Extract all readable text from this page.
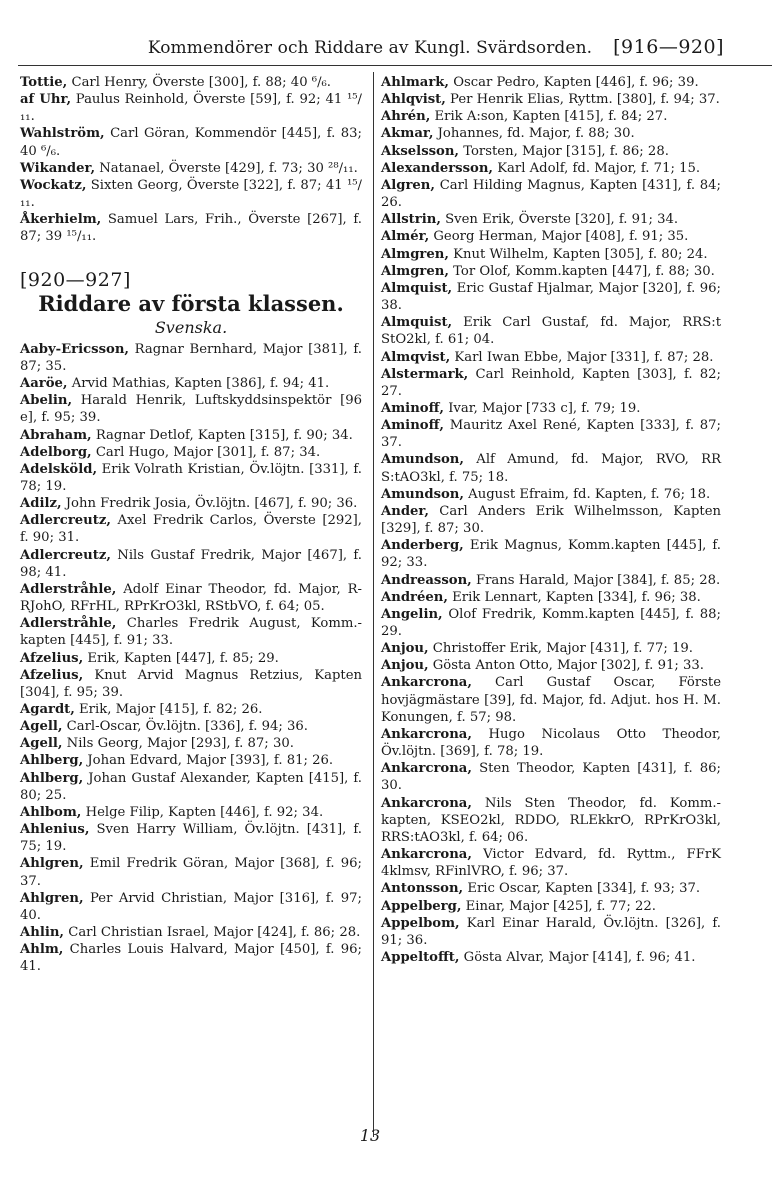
Kommendörer och Riddare av Kungl. Svärdsorden.	[916—920]

Tottie, Carl Henry, Överste [300], f. 88; 40 ⁶/₆.

af Uhr, Paulus Reinhold, Överste [59], f. 92; 41 ¹⁵/₁₁.

Wahlström, Carl Göran, Kommendör [445], f. 83; 40 ⁶/₆.

Wikander, Natanael, Överste [429], f. 73; 30 ²⁸/₁₁.

Wockatz, Sixten Georg, Överste [322], f. 87; 41 ¹⁵/₁₁.

Åkerhielm, Samuel Lars, Frih., Överste [267], f. 87; 39 ¹⁵/₁₁.

[920—927]
Riddare av första klassen.
Svenska.

Aaby-Ericsson, Ragnar Bernhard, Major [381], f. 87; 35.

Aaröe, Arvid Mathias, Kapten [386], f. 94; 41.

Abelin, Harald Henrik, Luftskyddsinspektör [96 e], f. 95; 39.

Abraham, Ragnar Detlof, Kapten [315], f. 90; 34.

Adelborg, Carl Hugo, Major [301], f. 87; 34.

Adelsköld, Erik Volrath Kristian, Öv.löjtn. [331], f. 78; 19.

Adilz, John Fredrik Josia, Öv.löjtn. [467], f. 90; 36.

Adlercreutz, Axel Fredrik Carlos, Överste [292], f. 90; 31.

Adlercreutz, Nils Gustaf Fredrik, Major [467], f. 98; 41.

Adlerstråhle, Adolf Einar Theodor, fd. Major, R-RJohO, RFrHL, RPrKrO3kl, RStbVO, f. 64; 05.

Adlerstråhle, Charles Fredrik August, Komm.-kapten [445], f. 91; 33.

Afzelius, Erik, Kapten [447], f. 85; 29.

Afzelius, Knut Arvid Magnus Retzius, Kapten [304], f. 95; 39.

Agardt, Erik, Major [415], f. 82; 26.

Agell, Carl-Oscar, Öv.löjtn. [336], f. 94; 36.

Agell, Nils Georg, Major [293], f. 87; 30.

Ahlberg, Johan Edvard, Major [393], f. 81; 26.

Ahlberg, Johan Gustaf Alexander, Kapten [415], f. 80; 25.

Ahlbom, Helge Filip, Kapten [446], f. 92; 34.

Ahlenius, Sven Harry William, Öv.löjtn. [431], f. 75; 19.

Ahlgren, Emil Fredrik Göran, Major [368], f. 96; 37.

Ahlgren, Per Arvid Christian, Major [316], f. 97; 40.

Ahlin, Carl Christian Israel, Major [424], f. 86; 28.

Ahlm, Charles Louis Halvard, Major [450], f. 96; 41.

Ahlmark, Oscar Pedro, Kapten [446], f. 96; 39.

Ahlqvist, Per Henrik Elias, Ryttm. [380], f. 94; 37.

Ahrén, Erik A:son, Kapten [415], f. 84; 27.

Akmar, Johannes, fd. Major, f. 88; 30.

Akselsson, Torsten, Major [315], f. 86; 28.

Alexandersson, Karl Adolf, fd. Major, f. 71; 15.

Algren, Carl Hilding Magnus, Kapten [431], f. 84; 26.

Allstrin, Sven Erik, Överste [320], f. 91; 34.

Almér, Georg Herman, Major [408], f. 91; 35.

Almgren, Knut Wilhelm, Kapten [305], f. 80; 24.

Almgren, Tor Olof, Komm.kapten [447], f. 88; 30.

Almquist, Eric Gustaf Hjalmar, Major [320], f. 96; 38.

Almquist, Erik Carl Gustaf, fd. Major, RRS:t StO2kl, f. 61; 04.

Almqvist, Karl Iwan Ebbe, Major [331], f. 87; 28.

Alstermark, Carl Reinhold, Kapten [303], f. 82; 27.

Aminoff, Ivar, Major [733 c], f. 79; 19.

Aminoff, Mauritz Axel René, Kapten [333], f. 87; 37.

Amundson, Alf Amund, fd. Major, RVO, RR S:tAO3kl, f. 75; 18.

Amundson, August Efraim, fd. Kapten, f. 76; 18.

Ander, Carl Anders Erik Wilhelmsson, Kapten [329], f. 87; 30.

Anderberg, Erik Magnus, Komm.kapten [445], f. 92; 33.

Andreasson, Frans Harald, Major [384], f. 85; 28.

Andréen, Erik Lennart, Kapten [334], f. 96; 38.

Angelin, Olof Fredrik, Komm.kapten [445], f. 88; 29.

Anjou, Christoffer Erik, Major [431], f. 77; 19.

Anjou, Gösta Anton Otto, Major [302], f. 91; 33.

Ankarcrona, Carl Gustaf Oscar, Förste hovjägmästare [39], fd. Major, fd. Adjut. hos H. M. Konungen, f. 57; 98.

Ankarcrona, Hugo Nicolaus Otto Theodor, Öv.löjtn. [369], f. 78; 19.

Ankarcrona, Sten Theodor, Kapten [431], f. 86; 30.

Ankarcrona, Nils Sten Theodor, fd. Komm.-kapten, KSEO2kl, RDDO, RLEkkrO, RPrKrO3kl, RRS:tAO3kl, f. 64; 06.

Ankarcrona, Victor Edvard, fd. Ryttm., FFrK 4klmsv, RFinlVRO, f. 96; 37.

Antonsson, Eric Oscar, Kapten [334], f. 93; 37.

Appelberg, Einar, Major [425], f. 77; 22.

Appelbom, Karl Einar Harald, Öv.löjtn. [326], f. 91; 36.

Appeltofft, Gösta Alvar, Major [414], f. 96; 41.

13
